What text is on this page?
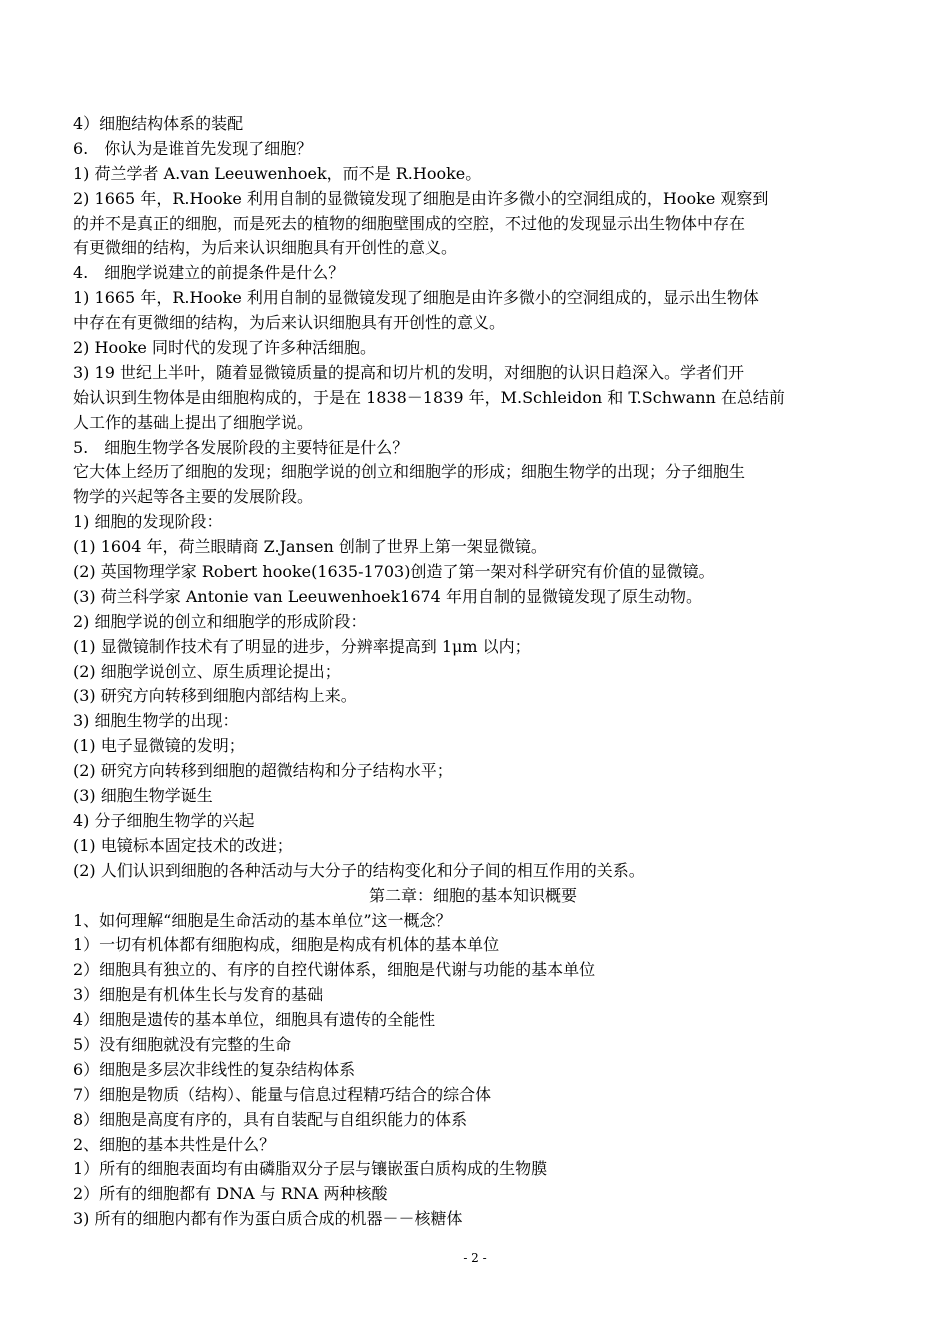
4）细胞结构体系的装配
6.　你认为是谁首先发现了细胞？
1) 荷兰学者 A.van Leeuwenhoek，而不是 R.Hooke。
2) 1665 年，R.Hooke 利用自制的显微镜发现了细胞是由许多微小的空洞组成的，Hooke 观察到
的并不是真正的细胞，而是死去的植物的细胞壁围成的空腔，不过他的发现显示出生物体中存在
有更微细的结构，为后来认识细胞具有开创性的意义。
4.　细胞学说建立的前提条件是什么？
1) 1665 年，R.Hooke 利用自制的显微镜发现了细胞是由许多微小的空洞组成的，显示出生物体
中存在有更微细的结构，为后来认识细胞具有开创性的意义。
2) Hooke 同时代的发现了许多种活细胞。
3) 19 世纪上半叶，随着显微镜质量的提高和切片机的发明，对细胞的认识日趋深入。学者们开
始认识到生物体是由细胞构成的，于是在 1838－1839 年，M.Schleidon 和 T.Schwann 在总结前
人工作的基础上提出了细胞学说。
5.　细胞生物学各发展阶段的主要特征是什么？
它大体上经历了细胞的发现；细胞学说的创立和细胞学的形成；细胞生物学的出现；分子细胞生
物学的兴起等各主要的发展阶段。
1) 细胞的发现阶段：
(1) 1604 年，荷兰眼睛商 Z.Jansen 创制了世界上第一架显微镜。
(2) 英国物理学家 Robert hooke(1635-1703)创造了第一架对科学研究有价值的显微镜。
(3) 荷兰科学家 Antonie van Leeuwenhoek1674 年用自制的显微镜发现了原生动物。
2) 细胞学说的创立和细胞学的形成阶段：
(1) 显微镜制作技术有了明显的进步，分辨率提高到 1μm 以内；
(2) 细胞学说创立、原生质理论提出；
(3) 研究方向转移到细胞内部结构上来。
3) 细胞生物学的出现：
(1) 电子显微镜的发明；
(2) 研究方向转移到细胞的超微结构和分子结构水平；
(3) 细胞生物学诞生
4) 分子细胞生物学的兴起
(1) 电镜标本固定技术的改进；
(2) 人们认识到细胞的各种活动与大分子的结构变化和分子间的相互作用的关系。
第二章：细胞的基本知识概要
1、如何理解“细胞是生命活动的基本单位”这一概念？
1）一切有机体都有细胞构成，细胞是构成有机体的基本单位
2）细胞具有独立的、有序的自控代谢体系，细胞是代谢与功能的基本单位
3）细胞是有机体生长与发育的基础
4）细胞是遗传的基本单位，细胞具有遗传的全能性
5）没有细胞就没有完整的生命
6）细胞是多层次非线性的复杂结构体系
7）细胞是物质（结构）、能量与信息过程精巧结合的综合体
8）细胞是高度有序的，具有自装配与自组织能力的体系
2、细胞的基本共性是什么？
1）所有的细胞表面均有由磷脂双分子层与镶嵌蛋白质构成的生物膜
2）所有的细胞都有 DNA 与 RNA 两种核酸
3) 所有的细胞内都有作为蛋白质合成的机器－－核糖体
- 2 -
